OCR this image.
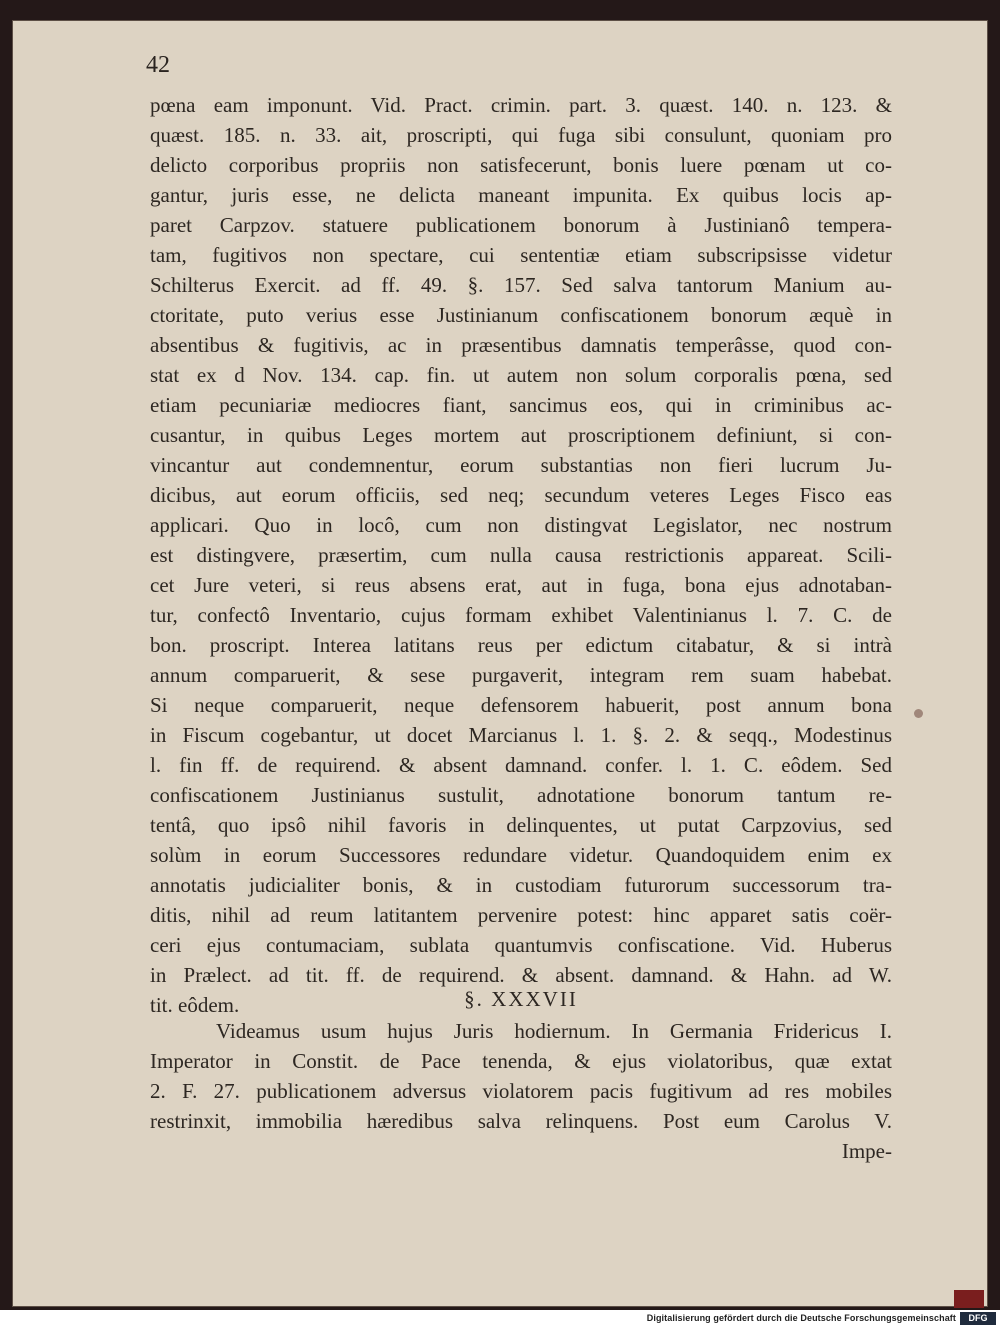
42
pœna eam imponunt. Vid. Pract. crimin. part. 3. quæst. 140. n. 123. &
quæst. 185. n. 33. ait, proscripti, qui fuga sibi consulunt, quoniam pro
delicto corporibus propriis non satisfecerunt, bonis luere pœnam ut co-
gantur, juris esse, ne delicta maneant impunita. Ex quibus locis ap-
paret Carpzov. statuere publicationem bonorum à Justinianô tempera-
tam, fugitivos non spectare, cui sententiæ etiam subscripsisse videtur
Schilterus Exercit. ad ff. 49. §. 157. Sed salva tantorum Manium au-
ctoritate, puto verius esse Justinianum confiscationem bonorum æquè in
absentibus & fugitivis, ac in præsentibus damnatis temperâsse, quod con-
stat ex d Nov. 134. cap. fin. ut autem non solum corporalis pœna, sed
etiam pecuniariæ mediocres fiant, sancimus eos, qui in criminibus ac-
cusantur, in quibus Leges mortem aut proscriptionem definiunt, si con-
vincantur aut condemnentur, eorum substantias non fieri lucrum Ju-
dicibus, aut eorum officiis, sed neq; secundum veteres Leges Fisco eas
applicari. Quo in locô, cum non distingvat Legislator, nec nostrum
est distingvere, præsertim, cum nulla causa restrictionis appareat. Scili-
cet Jure veteri, si reus absens erat, aut in fuga, bona ejus adnotaban-
tur, confectô Inventario, cujus formam exhibet Valentinianus l. 7. C. de
bon. proscript. Interea latitans reus per edictum citabatur, & si intrà
annum comparuerit, & sese purgaverit, integram rem suam habebat.
Si neque comparuerit, neque defensorem habuerit, post annum bona
in Fiscum cogebantur, ut docet Marcianus l. 1. §. 2. & seqq., Modestinus
l. fin ff. de requirend. & absent damnand. confer. l. 1. C. eôdem. Sed
confiscationem Justinianus sustulit, adnotatione bonorum tantum re-
tentâ, quo ipsô nihil favoris in delinquentes, ut putat Carpzovius, sed
solùm in eorum Successores redundare videtur. Quandoquidem enim ex
annotatis judicialiter bonis, & in custodiam futurorum successorum tra-
ditis, nihil ad reum latitantem pervenire potest: hinc apparet satis coër-
ceri ejus contumaciam, sublata quantumvis confiscatione. Vid. Huberus
in Prælect. ad tit. ff. de requirend. & absent. damnand. & Hahn. ad W.
tit. eôdem.	§. XXXVII
Videamus usum hujus Juris hodiernum. In Germania Fridericus I.
Imperator in Constit. de Pace tenenda, & ejus violatoribus, quæ extat
2. F. 27. publicationem adversus violatorem pacis fugitivum ad res mobiles
restrinxit, immobilia hæredibus salva relinquens. Post eum Carolus V.
Impe-
Digitalisierung gefördert durch die Deutsche Forschungsgemeinschaft	DFG
